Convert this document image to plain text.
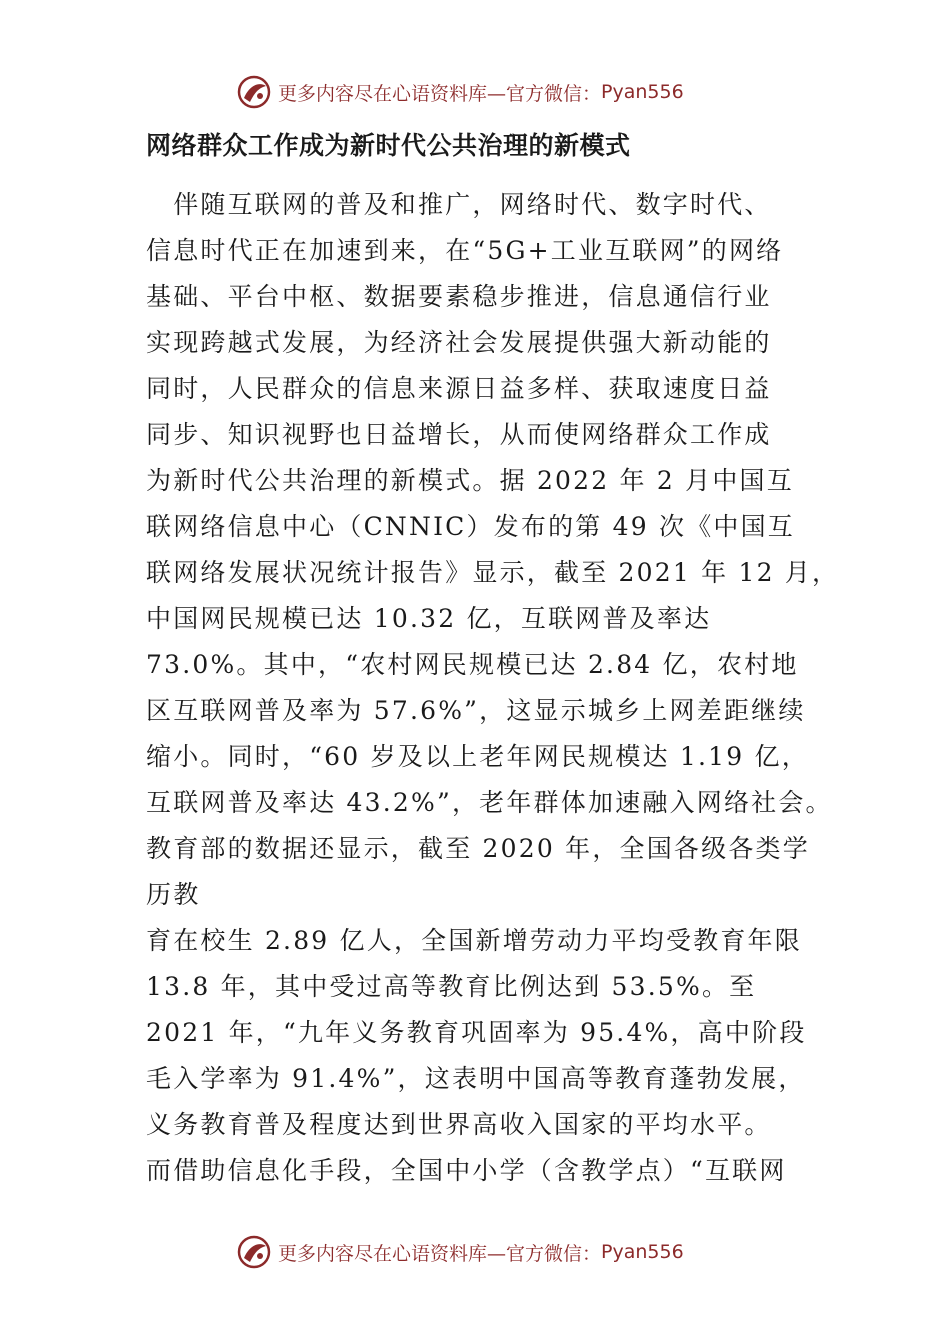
更多内容尽在心语资料库—官方微信： Pyan556
网络群众工作成为新时代公共治理的新模式
　伴随互联网的普及和推广，网络时代、数字时代、
信息时代正在加速到来，在“5G+工业互联网”的网络
基础、平台中枢、数据要素稳步推进，信息通信行业
实现跨越式发展，为经济社会发展提供强大新动能的
同时，人民群众的信息来源日益多样、获取速度日益
同步、知识视野也日益增长，从而使网络群众工作成
为新时代公共治理的新模式。据 2022 年 2 月中国互
联网络信息中心（CNNIC）发布的第 49 次《中国互
联网络发展状况统计报告》显示，截至 2021 年 12 月，
中国网民规模已达 10.32 亿，互联网普及率达
73.0%。其中，“农村网民规模已达 2.84 亿，农村地
区互联网普及率为 57.6%”，这显示城乡上网差距继续
缩小。同时，“60 岁及以上老年网民规模达 1.19 亿，
互联网普及率达 43.2%”，老年群体加速融入网络社会。
教育部的数据还显示，截至 2020 年，全国各级各类学
历教
育在校生 2.89 亿人，全国新增劳动力平均受教育年限
13.8 年，其中受过高等教育比例达到 53.5%。至
2021 年，“九年义务教育巩固率为 95.4%，高中阶段
毛入学率为 91.4%”，这表明中国高等教育蓬勃发展，
义务教育普及程度达到世界高收入国家的平均水平。
而借助信息化手段，全国中小学（含教学点）“互联网
更多内容尽在心语资料库—官方微信： Pyan556
